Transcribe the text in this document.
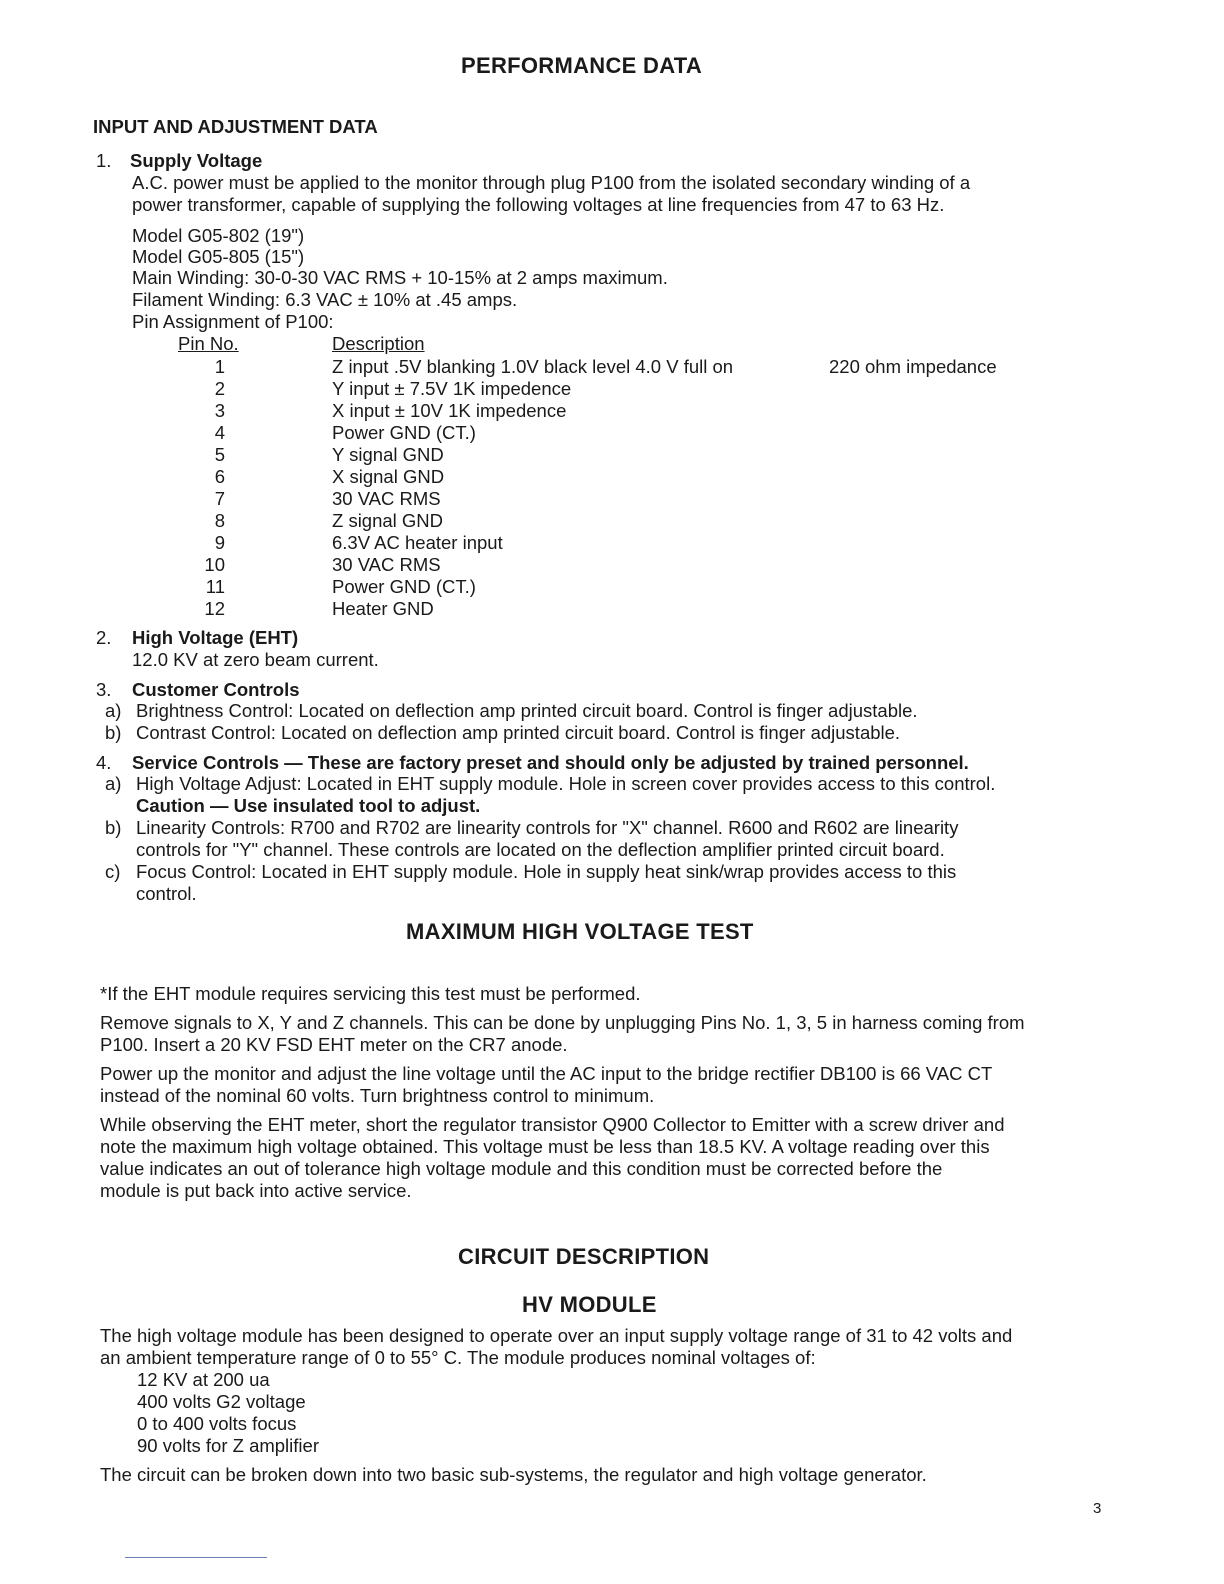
PERFORMANCE DATA
INPUT AND ADJUSTMENT DATA
1. Supply Voltage
A.C. power must be applied to the monitor through plug P100 from the isolated secondary winding of a
power transformer, capable of supplying the following voltages at line frequencies from 47 to 63 Hz.
Model G05-802 (19")
Model G05-805 (15")
Main Winding: 30-0-30 VAC RMS + 10-15% at 2 amps maximum.
Filament Winding: 6.3 VAC ± 10% at .45 amps.
Pin Assignment of P100:
Pin No.	Description
1	Z input .5V blanking 1.0V black level 4.0 V full on	220 ohm impedance
2	Y input ± 7.5V 1K impedence
3	X input ± 10V 1K impedence
4	Power GND (CT.)
5	Y signal GND
6	X signal GND
7	30 VAC RMS
8	Z signal GND
9	6.3V AC heater input
10	30 VAC RMS
11	Power GND (CT.)
12	Heater GND
2. High Voltage (EHT)
12.0 KV at zero beam current.
3. Customer Controls
a) Brightness Control: Located on deflection amp printed circuit board. Control is finger adjustable.
b) Contrast Control: Located on deflection amp printed circuit board. Control is finger adjustable.
4. Service Controls — These are factory preset and should only be adjusted by trained personnel.
a) High Voltage Adjust: Located in EHT supply module. Hole in screen cover provides access to this control.
Caution — Use insulated tool to adjust.
b) Linearity Controls: R700 and R702 are linearity controls for "X" channel. R600 and R602 are linearity
controls for "Y" channel. These controls are located on the deflection amplifier printed circuit board.
c) Focus Control: Located in EHT supply module. Hole in supply heat sink/wrap provides access to this
control.
MAXIMUM HIGH VOLTAGE TEST
*If the EHT module requires servicing this test must be performed.
Remove signals to X, Y and Z channels. This can be done by unplugging Pins No. 1, 3, 5 in harness coming from
P100. Insert a 20 KV FSD EHT meter on the CR7 anode.
Power up the monitor and adjust the line voltage until the AC input to the bridge rectifier DB100 is 66 VAC CT
instead of the nominal 60 volts. Turn brightness control to minimum.
While observing the EHT meter, short the regulator transistor Q900 Collector to Emitter with a screw driver and
note the maximum high voltage obtained. This voltage must be less than 18.5 KV. A voltage reading over this
value indicates an out of tolerance high voltage module and this condition must be corrected before the
module is put back into active service.
CIRCUIT DESCRIPTION
HV MODULE
The high voltage module has been designed to operate over an input supply voltage range of 31 to 42 volts and
an ambient temperature range of 0 to 55° C. The module produces nominal voltages of:
12 KV at 200 ua
400 volts G2 voltage
0 to 400 volts focus
90 volts for Z amplifier
The circuit can be broken down into two basic sub-systems, the regulator and high voltage generator.
3
